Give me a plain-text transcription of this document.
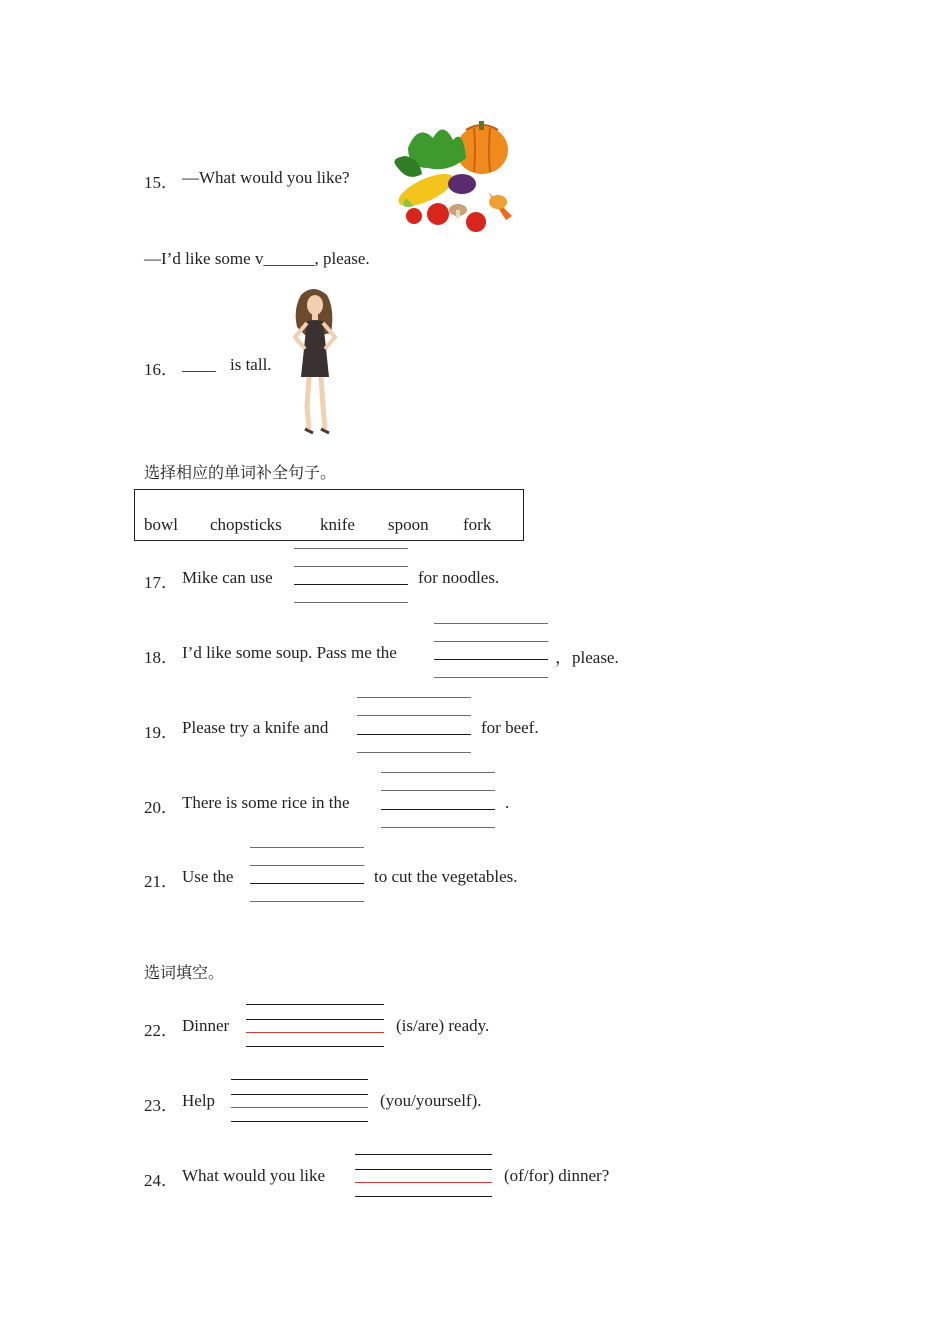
15． —What would you like?
—I’d like some v______, please.
16． ____ is tall.
选择相应的单词补全句子。
bowl chopsticks knife spoon fork
17． Mike can use	for noodles.
18． I’d like some soup. Pass me the	，please.
19． Please try a knife and	for beef.
20． There is some rice in the	.
21． Use the	to cut the vegetables.
选词填空。
22． Dinner	(is/are) ready.
23． Help	(you/yourself).
24． What would you like	(of/for) dinner?
